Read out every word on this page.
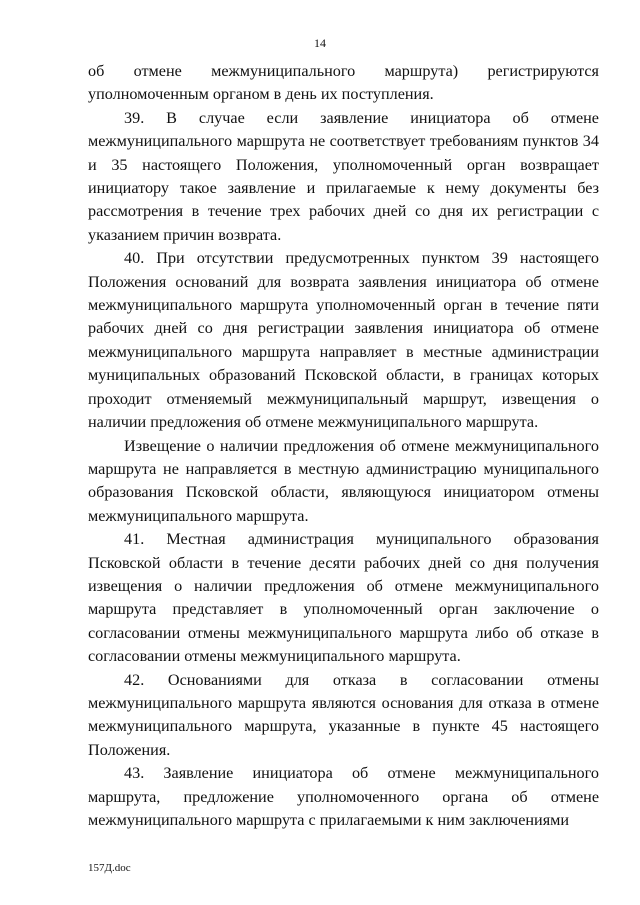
14

об отмене межмуниципального маршрута) регистрируются уполномоченным органом в день их поступления.

39. В случае если заявление инициатора об отмене межмуниципального маршрута не соответствует требованиям пунктов 34 и 35 настоящего Положения, уполномоченный орган возвращает инициатору такое заявление и прилагаемые к нему документы без рассмотрения в течение трех рабочих дней со дня их регистрации с указанием причин возврата.

40. При отсутствии предусмотренных пунктом 39 настоящего Положения оснований для возврата заявления инициатора об отмене межмуниципального маршрута уполномоченный орган в течение пяти рабочих дней со дня регистрации заявления инициатора об отмене межмуниципального маршрута направляет в местные администрации муниципальных образований Псковской области, в границах которых проходит отменяемый межмуниципальный маршрут, извещения о наличии предложения об отмене межмуниципального маршрута.

Извещение о наличии предложения об отмене межмуниципального маршрута не направляется в местную администрацию муниципального образования Псковской области, являющуюся инициатором отмены межмуниципального маршрута.

41. Местная администрация муниципального образования Псковской области в течение десяти рабочих дней со дня получения извещения о наличии предложения об отмене межмуниципального маршрута представляет в уполномоченный орган заключение о согласовании отмены межмуниципального маршрута либо об отказе в согласовании отмены межмуниципального маршрута.

42. Основаниями для отказа в согласовании отмены межмуниципального маршрута являются основания для отказа в отмене межмуниципального маршрута, указанные в пункте 45 настоящего Положения.

43. Заявление инициатора об отмене межмуниципального маршрута, предложение уполномоченного органа об отмене межмуниципального маршрута с прилагаемыми к ним заключениями

157Д.doc
